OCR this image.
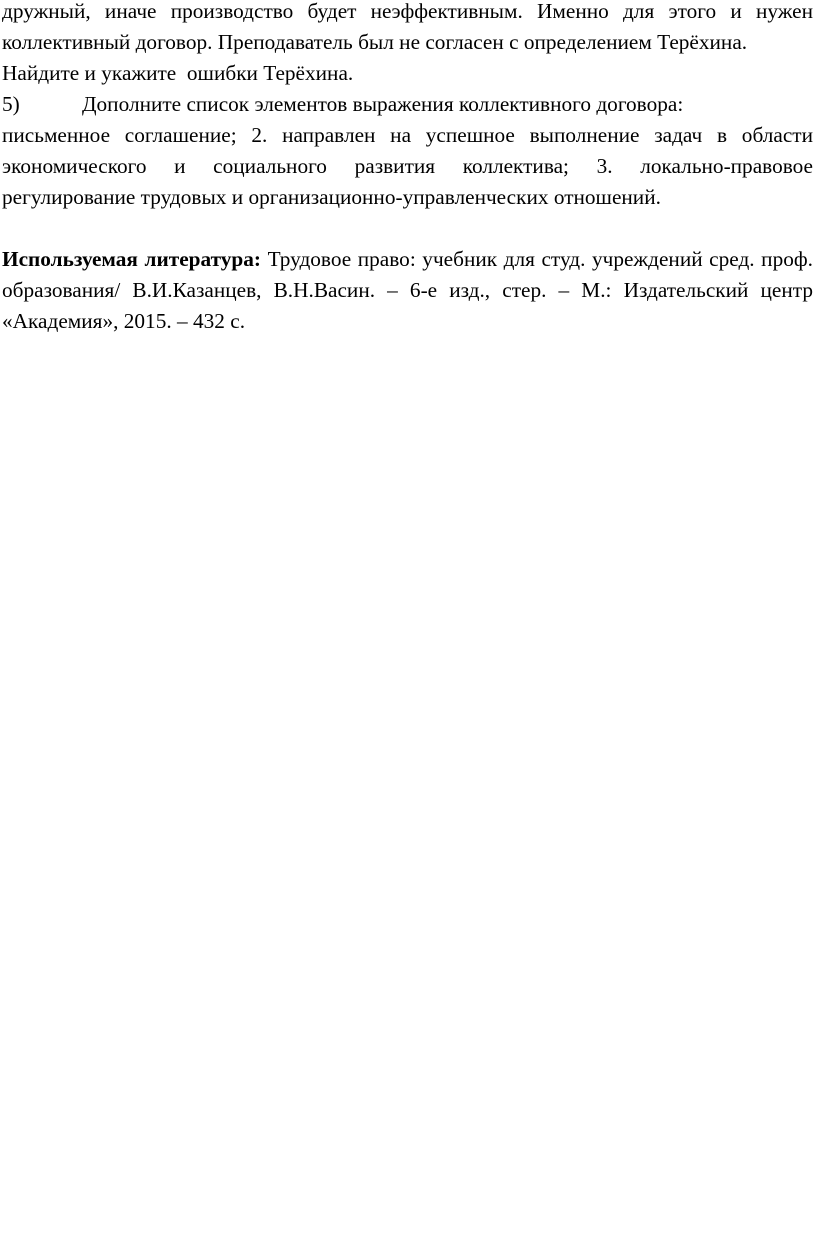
дружный, иначе производство будет неэффективным. Именно для этого и нужен коллективный договор. Преподаватель был не согласен с определением Терёхина.

Найдите и укажите  ошибки Терёхина.

5)	Дополните список элементов выражения коллективного договора:

письменное соглашение; 2. направлен на успешное выполнение задач в области экономического и социального развития коллектива; 3. локально-правовое регулирование трудовых и организационно-управленческих отношений.

Используемая литература: Трудовое право: учебник для студ. учреждений сред. проф. образования/ В.И.Казанцев, В.Н.Васин. – 6-е изд., стер. – М.: Издательский центр «Академия», 2015. – 432 с.
